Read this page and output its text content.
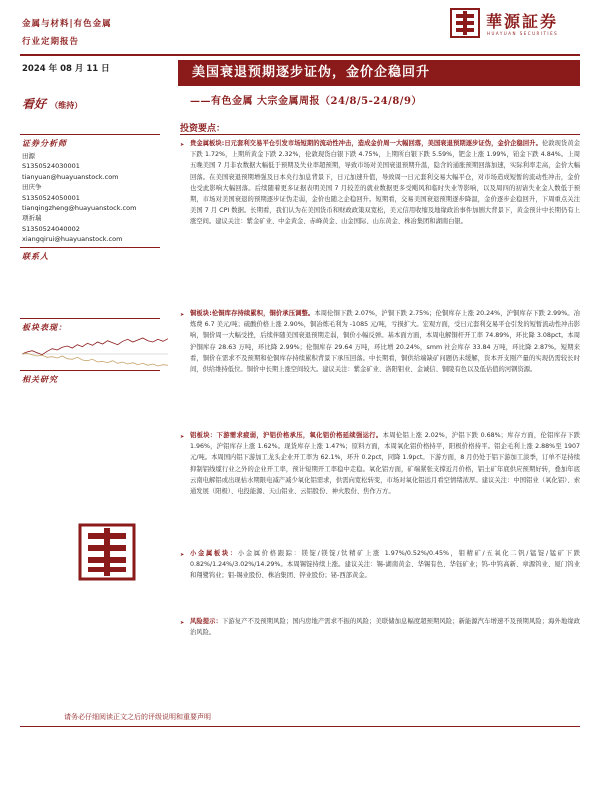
金属与材料|有色金属
行业定期报告
華源証券
HUAYUAN SECURITIES
2024 年 08 月 11 日	美国衰退预期逐步证伪，金价企稳回升
——有色金属 大宗金属周报（24/8/5-24/8/9）
看好 （维持）
证券分析师
田源
S1350524030001
tianyuan@huayuanstock.com
田庆争
S1350524050001
tianqingzheng@huayuanstock.com
项祈瑞
S1350524040002
xiangqirui@huayuanstock.com
联系人
板块表现：
相关研究
投资要点：
➤ 贵金属板块:日元套利交易平仓引发市场短期的流动性冲击，造成金价周一大幅回落，美国衰退预期逐步证伪，金价企稳回升。伦敦现货黄金下跌 1.72%，上期所黄金下跌 2.32%，伦敦现货白银下跌 4.75%，上期所白银下跌 5.59%，钯金上涨 1.99%，铂金下跌 4.84%。上周五晚美国 7 月非农数据大幅低于预期及失业率超预期，导致市场对美国衰退预期升温，隐含的通胀预期回落加速，实际利率走高，金价大幅回落。在美国衰退预期增强及日本央行加息背景下，日元加速升值，导致周一日元套利交易大幅平仓，对市场造成短暂的流动性冲击，金价也受此影响大幅回落。后续随着更多证据表明美国 7 月较差的就业数据更多受飓风和临时失业等影响，以及周四的初请失业金人数低于预期，市场对美国衰退的预期逐步证伪走弱，金价也随之企稳回升。短期看，交易美国衰退预期逐步降温，金价逐步企稳回升，下周重点关注美国 7 月 CPI 数据。长期看，我们认为在美国货币和财政政策双宽松，美元信用收缩及地缘政治事件加剧大背景下，黄金预计中长期仍有上涨空间。建议关注：紫金矿业、中金黄金、赤峰黄金、山金国际、山东黄金、株冶集团和湖南白银。
➤ 铜板块:伦铜库存持续累积，铜价承压调整。本周伦铜下跌 2.07%，沪铜下跌 2.75%；伦铜库存上涨 20.24%，沪铜库存下跌 2.99%。冶炼费 6.7 美元/吨；硫酸价格上涨 2.90%，铜冶炼毛利为 -1085 元/吨，亏损扩大。宏观方面，受日元套利交易平仓引发的短暂流动性冲击影响，铜价周一大幅受挫，后续伴随美国衰退预期走弱，铜价小幅反弹。基本面方面，本周电解铜杆开工率 74.89%，环比降 3.08pct。本周沪铜库存 28.63 万吨，环比降 2.99%；伦铜库存 29.64 万吨，环比增 20.24%，smm 社会库存 33.84 万吨，环比降 2.87%。短期来看，铜价在需求不及预期和伦铜库存持续累积背景下承压回落。中长期看，铜供给端缺矿问题仍未缓解，资本开支刚产量的实现仍需较长时间，供给维持低位。铜价中长期上涨空间较大。建议关注：紫金矿业、洛阳钼业、金诚信、铜陵有色以及低估值的河钢资源。
➤ 铝板块：下游需求疲弱，沪铝价格承压，氧化铝价格延续强运行。本周伦铝上涨 2.02%，沪铝下跌 0.68%；库存方面，伦铝库存下跌 1.96%，沪铝库存上涨 1.62%。现货库存上涨 1.47%；原料方面，本周氧化铝价格持平，阳极价格持平。铝企毛利上涨 2.88%至 1907 元/吨。本周国内铝下游加工龙头企业开工率为 62.1%，环升 0.2pct，同降 1.9pct。下游方面，8 月仍处于铝下游加工淡季，订单不足持续抑制铝线缆行业之外的企业开工率，预计短期开工率稳中走稳。氧化铝方面，矿端紧张支撑近月价格，铝土矿年底供应预期好转，叠加年底云南电解铝或出现枯水期限电减产减少氧化铝需求，供需向宽松转变，市场对氧化铝远月看空情绪浓厚。建议关注：中国铝业（氧化铝）、索通发展（阳极）、电投能源、天山铝业、云铝股份、神火股份、焦作万方。
➤ 小金属板块：小金属价格跟踪：镁锭/镁锭/钛精矿上涨 1.97%/0.52%/0.45%，钼精矿/五氧化二钒/锰锭/锰矿下跌 0.82%/1.24%/3.02%/14.29%。本周锡锭持续上涨。建议关注：锡-湖南黄金、华锡有色、华钰矿业；钨-中钨高新、章源钨业、厦门钨业和翔鹭钨业；钼-锡业股份、株冶集团、锌业股份；铋-西部黄金。
➤ 风险提示：下游复产不及预期风险；国内房地产需求不振的风险；美联储加息幅度超预期风险；新能源汽车增速不及预期风险；海外地缘政治风险。
请务必仔细阅读正文之后的评级说明和重要声明
